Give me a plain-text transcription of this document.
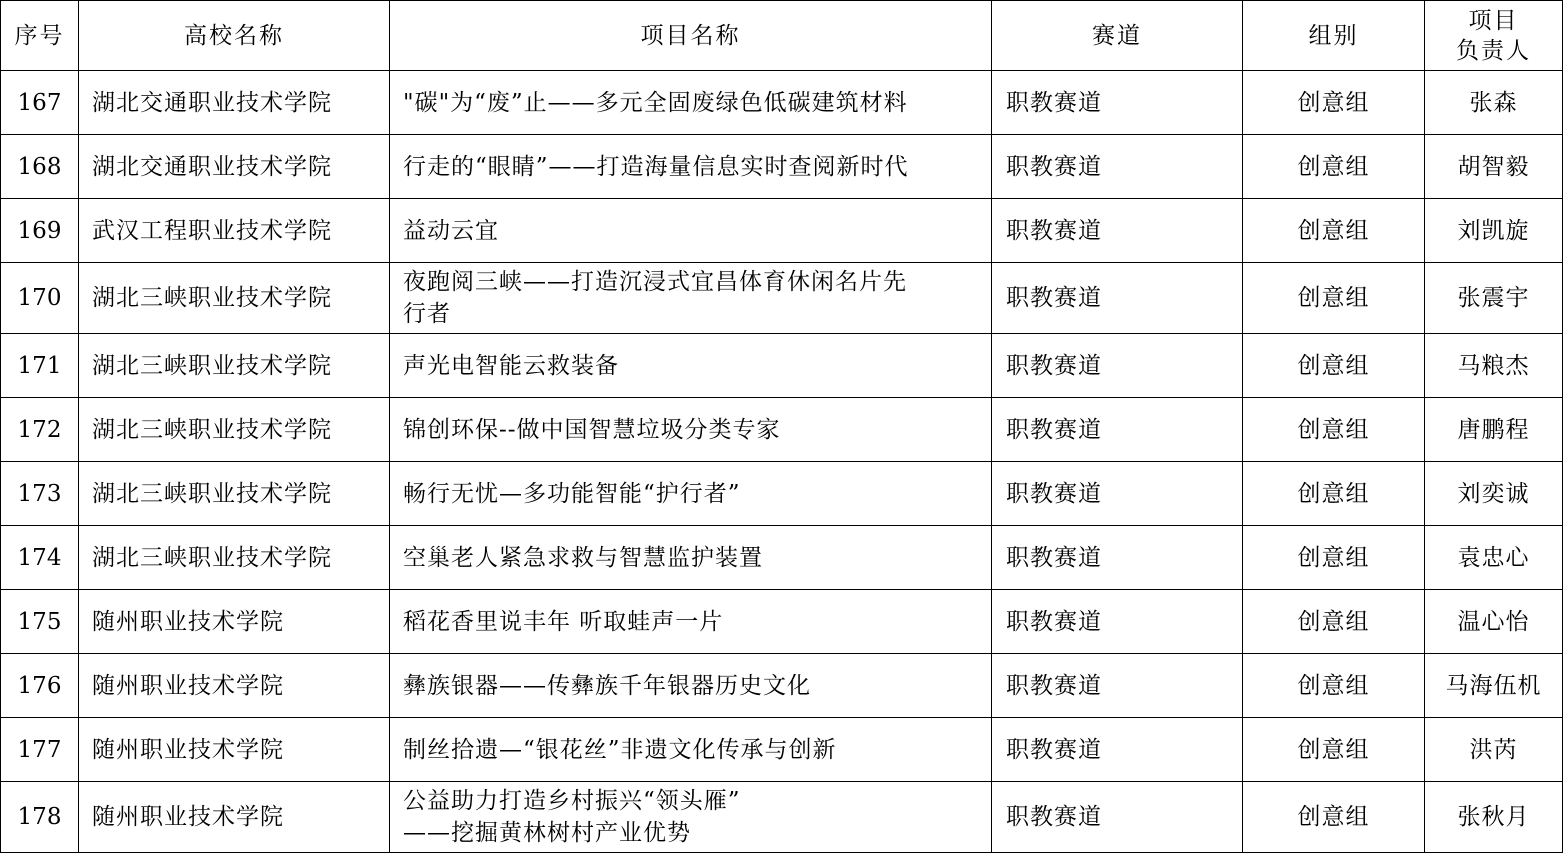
序号	高校名称	项目名称	赛道	组别	项目
负责人

167	湖北交通职业技术学院	"碳"为“废”止——多元全固废绿色低碳建筑材料	职教赛道	创意组	张森
168	湖北交通职业技术学院	行走的“眼睛”——打造海量信息实时查阅新时代	职教赛道	创意组	胡智毅
169	武汉工程职业技术学院	益动云宜	职教赛道	创意组	刘凯旋
170	湖北三峡职业技术学院	夜跑阅三峡——打造沉浸式宜昌体育休闲名片先
行者	职教赛道	创意组	张震宇
171	湖北三峡职业技术学院	声光电智能云救装备	职教赛道	创意组	马粮杰
172	湖北三峡职业技术学院	锦创环保--做中国智慧垃圾分类专家	职教赛道	创意组	唐鹏程
173	湖北三峡职业技术学院	畅行无忧—多功能智能“护行者”	职教赛道	创意组	刘奕诚
174	湖北三峡职业技术学院	空巢老人紧急求救与智慧监护装置	职教赛道	创意组	袁忠心
175	随州职业技术学院	稻花香里说丰年 听取蛙声一片	职教赛道	创意组	温心怡
176	随州职业技术学院	彝族银器——传彝族千年银器历史文化	职教赛道	创意组	马海伍机
177	随州职业技术学院	制丝拾遗—“银花丝”非遗文化传承与创新	职教赛道	创意组	洪芮
178	随州职业技术学院	公益助力打造乡村振兴“领头雁”
——挖掘黄林树村产业优势	职教赛道	创意组	张秋月
